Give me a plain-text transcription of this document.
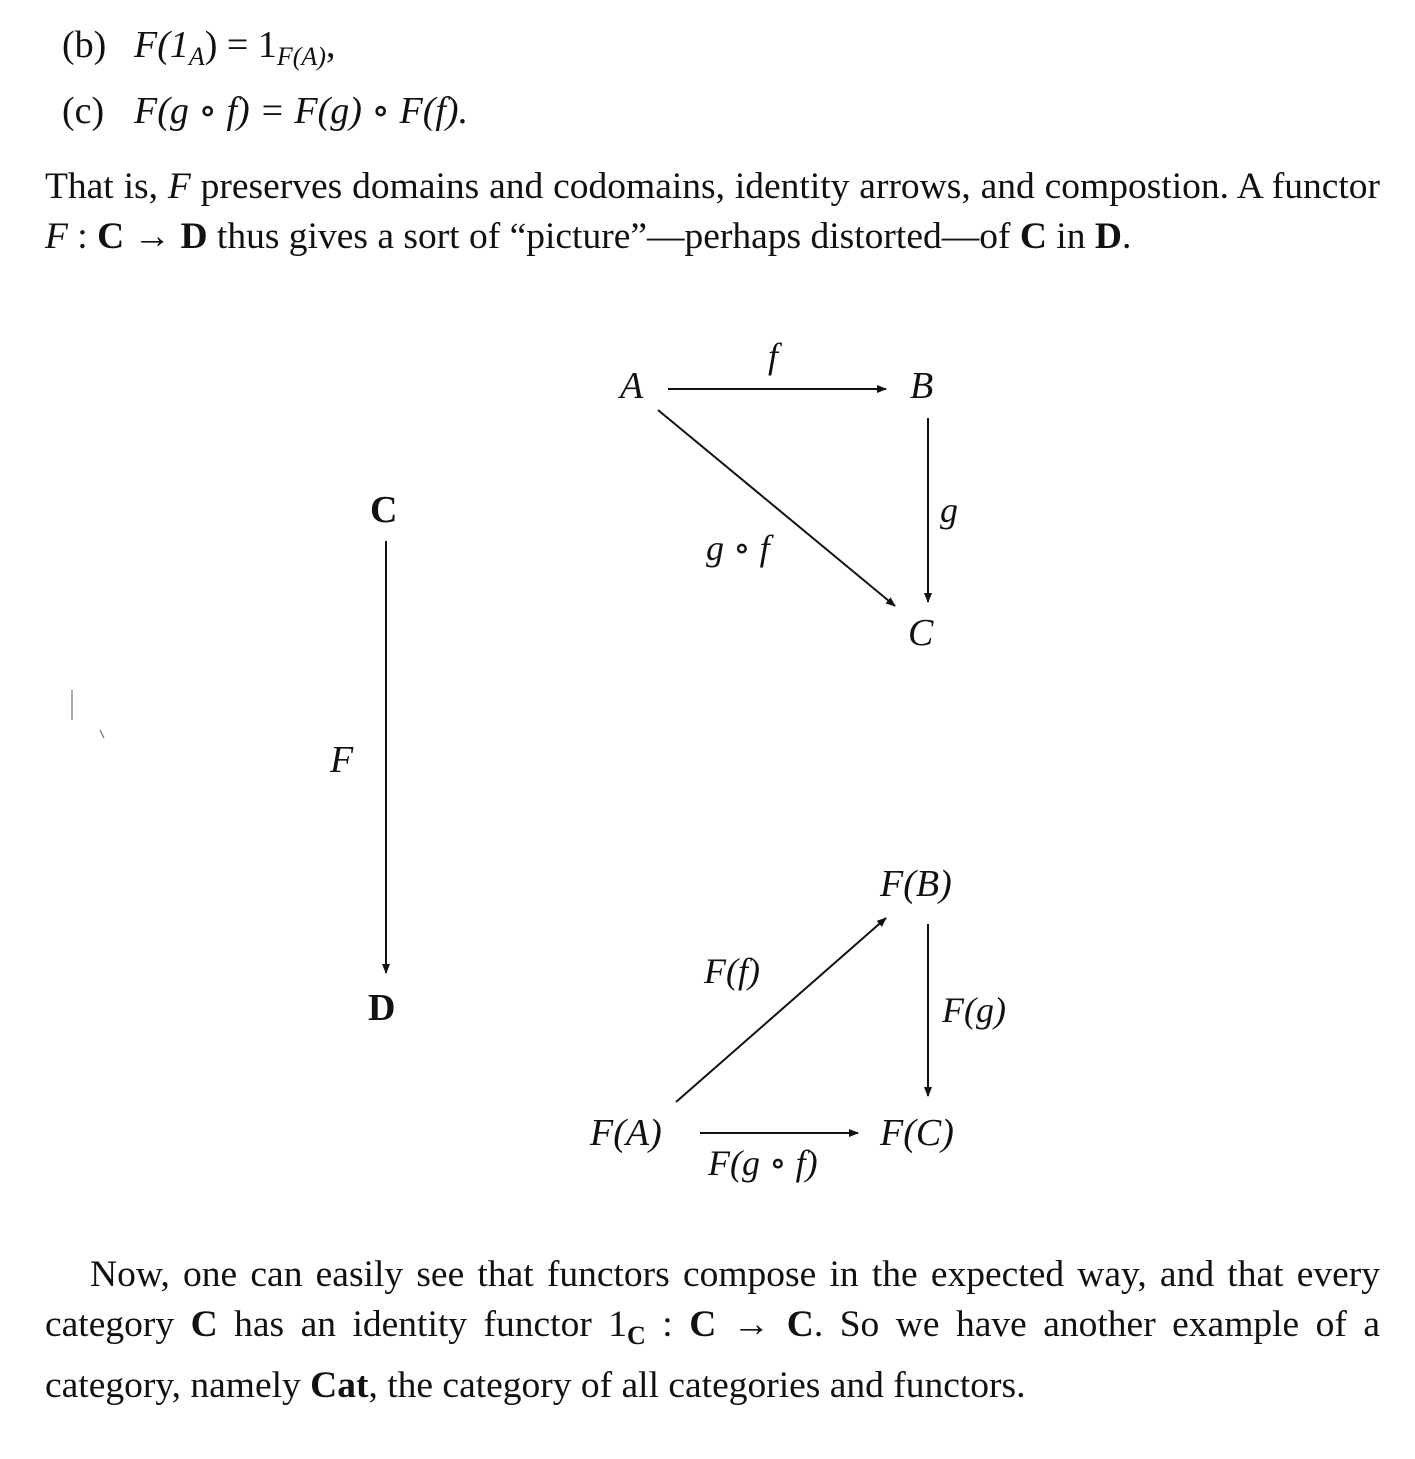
(b) $F(1_A) = 1_{F(A)}$,
(c) F(g ∘ f) = F(g) ∘ F(f).
That is, F preserves domains and codomains, identity arrows, and compostion. A functor F : C → D thus gives a sort of “picture”—perhaps distorted—of C in D.
A	B
C
f
g
g ∘ f
C
D
F
F(B)
F(A)	F(C)
F(f)
F(g)
F(g ∘ f)
Now, one can easily see that functors compose in the expected way, and that every category C has an identity functor $1_C$ : C → C. So we have another example of a category, namely Cat, the category of all categories and functors.
